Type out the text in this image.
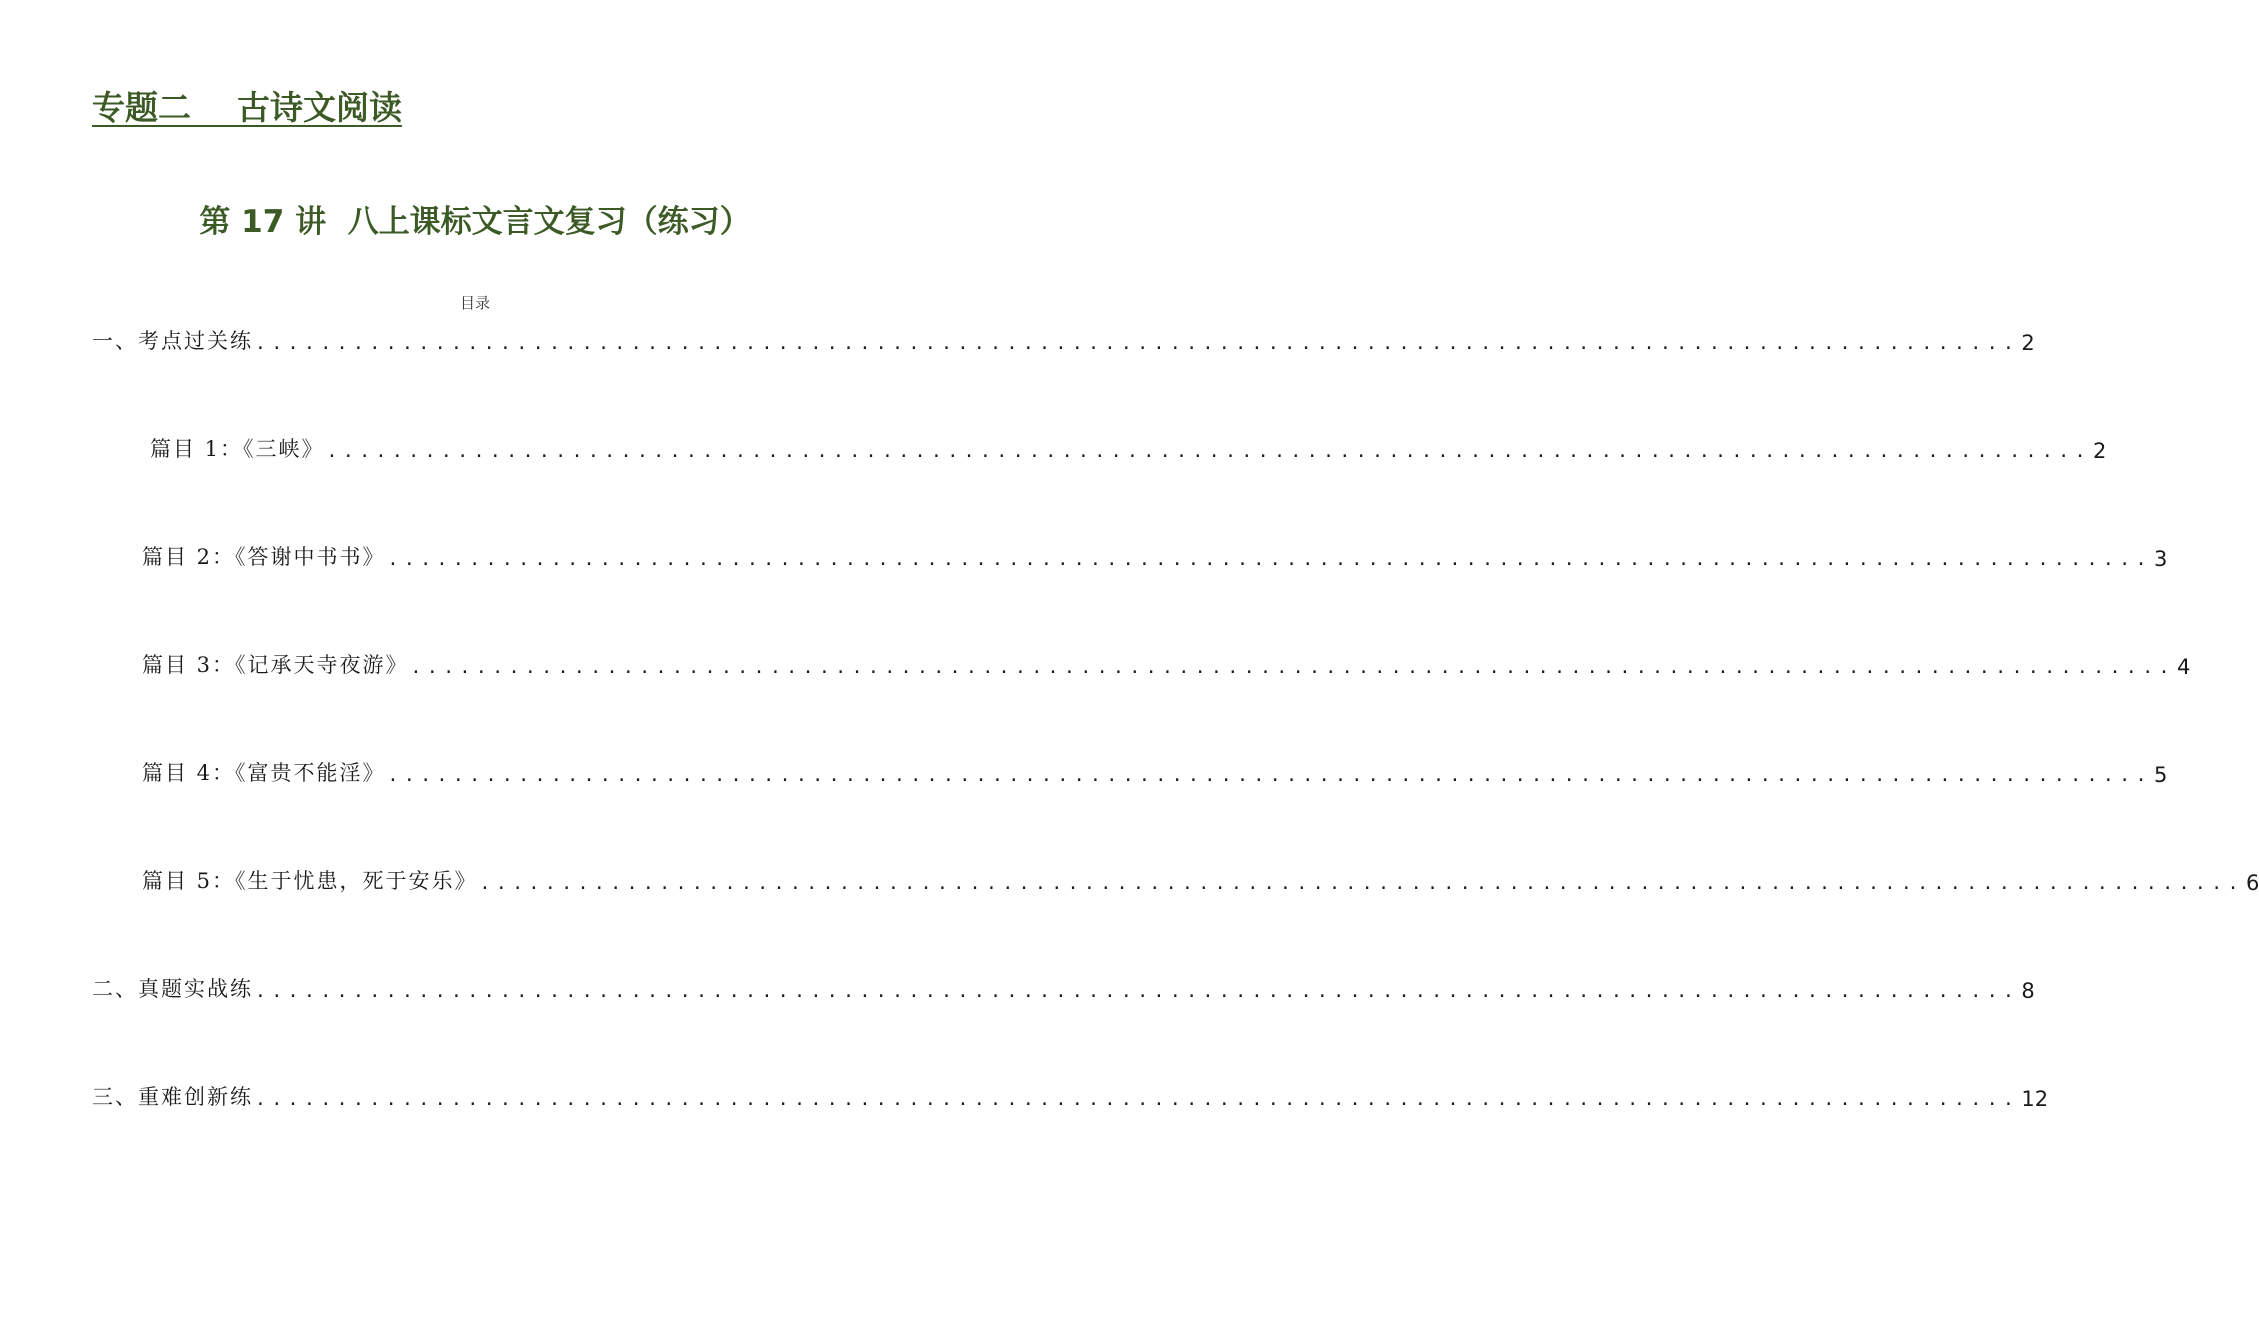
专题二    古诗文阅读
第 17 讲  八上课标文言文复习（练习）
目录
一、考点过关练 ............................................................................................................ 2
篇目 1：《三峡》 ............................................................................................................ 2
篇目 2：《答谢中书书》 ............................................................................................................ 3
篇目 3：《记承天寺夜游》 ............................................................................................................ 4
篇目 4：《富贵不能淫》 ............................................................................................................ 5
篇目 5：《生于忧患，死于安乐》 ............................................................................................................ 6
二、真题实战练 ............................................................................................................ 8
三、重难创新练 ............................................................................................................ 12
